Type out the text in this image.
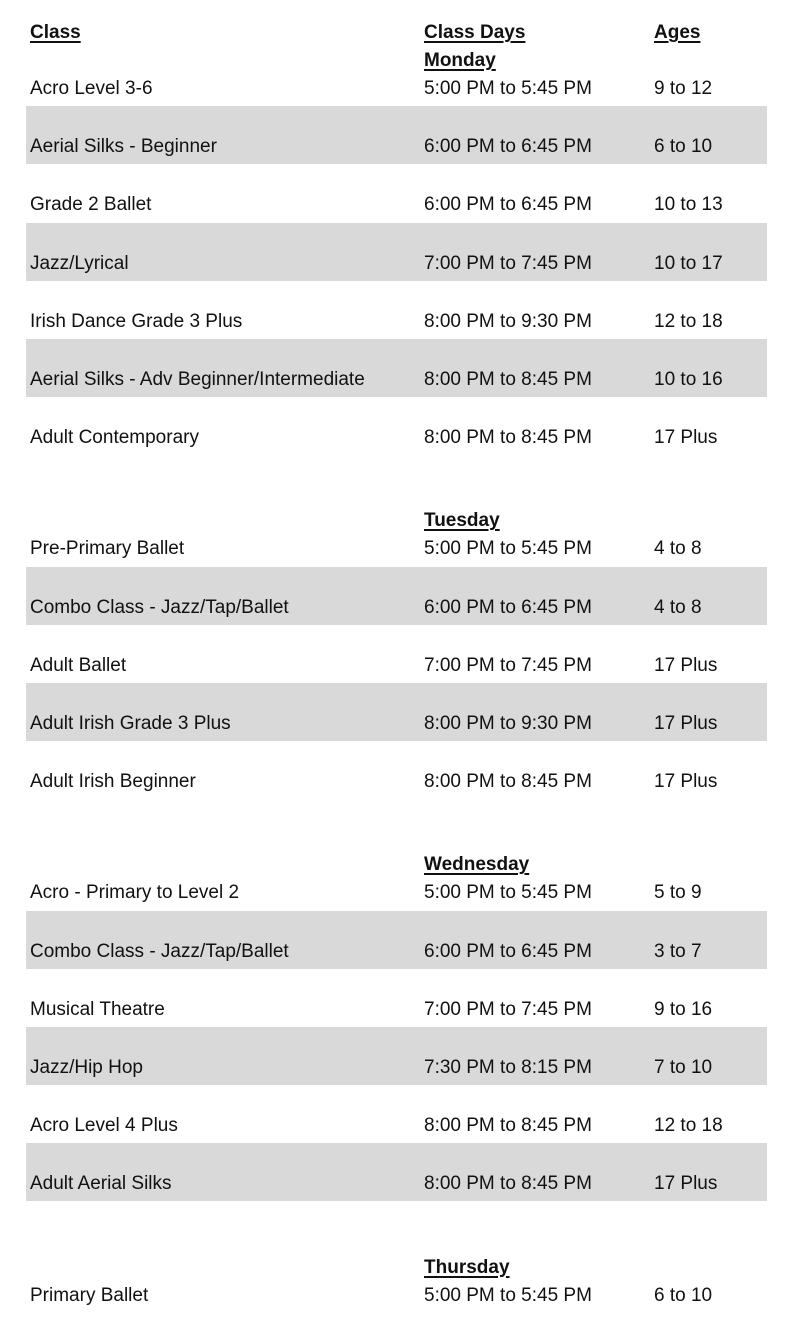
Class	Class Days	Ages
Monday
Acro Level 3-6	5:00 PM to 5:45 PM	9 to 12
Aerial Silks - Beginner	6:00 PM to 6:45 PM	6 to 10
Grade 2 Ballet	6:00 PM to 6:45 PM	10 to 13
Jazz/Lyrical	7:00 PM to 7:45 PM	10 to 17
Irish Dance Grade 3 Plus	8:00 PM to 9:30 PM	12 to 18
Aerial Silks - Adv Beginner/Intermediate	8:00 PM to 8:45 PM	10 to 16
Adult Contemporary	8:00 PM to 8:45 PM	17 Plus
Tuesday
Pre-Primary Ballet	5:00 PM to 5:45 PM	4 to 8
Combo Class - Jazz/Tap/Ballet	6:00 PM to 6:45 PM	4 to 8
Adult Ballet	7:00 PM to 7:45 PM	17 Plus
Adult Irish Grade 3 Plus	8:00 PM to 9:30 PM	17 Plus
Adult Irish Beginner	8:00 PM to 8:45 PM	17 Plus
Wednesday
Acro - Primary to Level 2	5:00 PM to 5:45 PM	5 to 9
Combo Class - Jazz/Tap/Ballet	6:00 PM to 6:45 PM	3 to 7
Musical Theatre	7:00 PM to 7:45 PM	9 to 16
Jazz/Hip Hop	7:30 PM to 8:15 PM	7 to 10
Acro Level 4 Plus	8:00 PM to 8:45 PM	12 to 18
Adult Aerial Silks	8:00 PM to 8:45 PM	17 Plus
Thursday
Primary Ballet	5:00 PM to 5:45 PM	6 to 10
